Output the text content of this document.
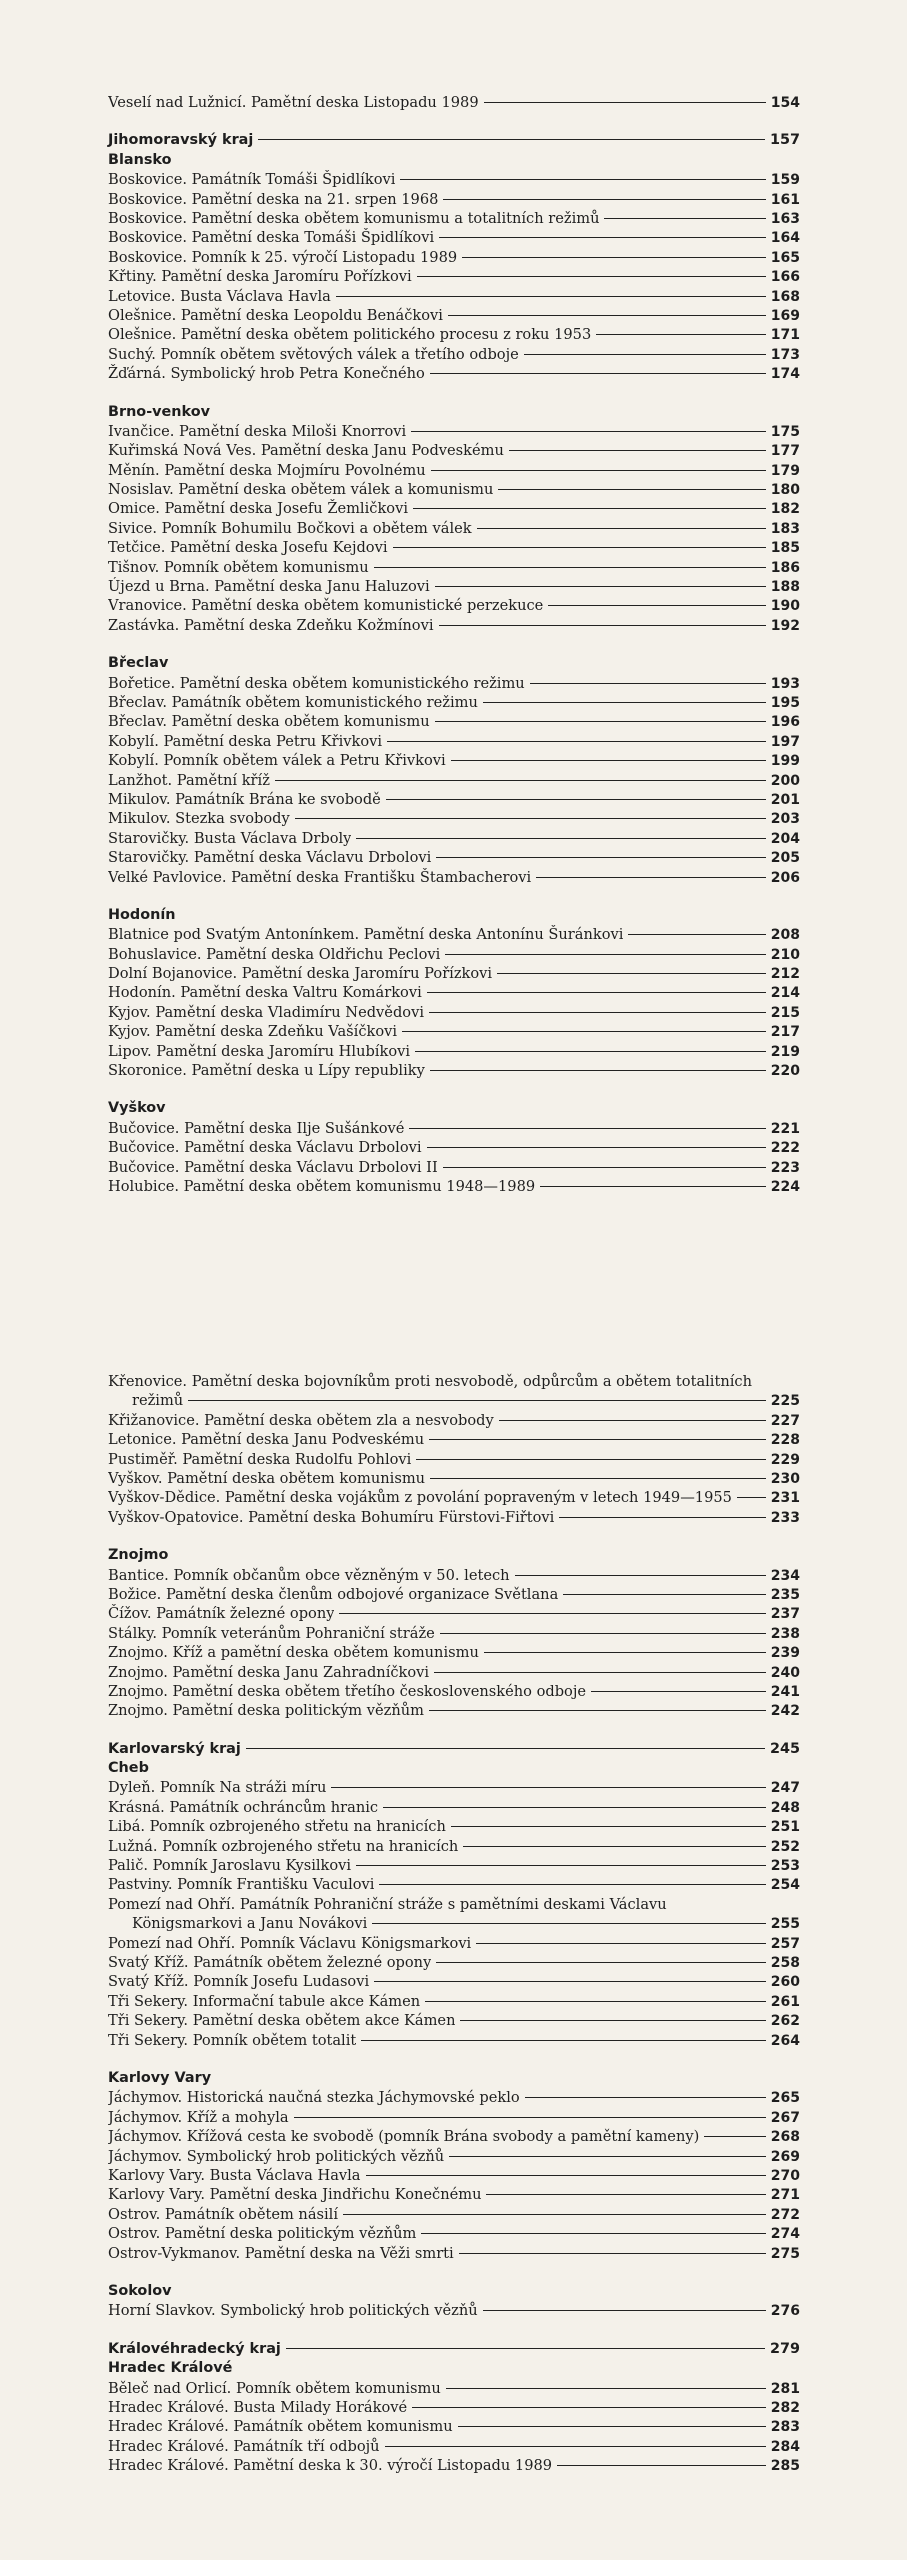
Veselí nad Lužnicí. Pamětní deska Listopadu 1989	154
Jihomoravský kraj	157
Blansko
Boskovice. Památník Tomáši Špidlíkovi	159
Boskovice. Pamětní deska na 21. srpen 1968	161
Boskovice. Pamětní deska obětem komunismu a totalitních režimů	163
Boskovice. Pamětní deska Tomáši Špidlíkovi	164
Boskovice. Pomník k 25. výročí Listopadu 1989	165
Křtiny. Pamětní deska Jaromíru Pořízkovi	166
Letovice. Busta Václava Havla	168
Olešnice. Pamětní deska Leopoldu Benáčkovi	169
Olešnice. Pamětní deska obětem politického procesu z roku 1953	171
Suchý. Pomník obětem světových válek a třetího odboje	173
Žďárná. Symbolický hrob Petra Konečného	174
Brno-venkov
Ivančice. Pamětní deska Miloši Knorrovi	175
Kuřimská Nová Ves. Pamětní deska Janu Podveskému	177
Měnín. Pamětní deska Mojmíru Povolnému	179
Nosislav. Pamětní deska obětem válek a komunismu	180
Omice. Pamětní deska Josefu Žemličkovi	182
Sivice. Pomník Bohumilu Bočkovi a obětem válek	183
Tetčice. Pamětní deska Josefu Kejdovi	185
Tišnov. Pomník obětem komunismu	186
Újezd u Brna. Pamětní deska Janu Haluzovi	188
Vranovice. Pamětní deska obětem komunistické perzekuce	190
Zastávka. Pamětní deska Zdeňku Kožmínovi	192
Břeclav
Bořetice. Pamětní deska obětem komunistického režimu	193
Břeclav. Památník obětem komunistického režimu	195
Břeclav. Pamětní deska obětem komunismu	196
Kobylí. Pamětní deska Petru Křivkovi	197
Kobylí. Pomník obětem válek a Petru Křivkovi	199
Lanžhot. Pamětní kříž	200
Mikulov. Památník Brána ke svobodě	201
Mikulov. Stezka svobody	203
Starovičky. Busta Václava Drboly	204
Starovičky. Pamětní deska Václavu Drbolovi	205
Velké Pavlovice. Pamětní deska Františku Štambacherovi	206
Hodonín
Blatnice pod Svatým Antonínkem. Pamětní deska Antonínu Šuránkovi	208
Bohuslavice. Pamětní deska Oldřichu Peclovi	210
Dolní Bojanovice. Pamětní deska Jaromíru Pořízkovi	212
Hodonín. Pamětní deska Valtru Komárkovi	214
Kyjov. Pamětní deska Vladimíru Nedvědovi	215
Kyjov. Pamětní deska Zdeňku Vašíčkovi	217
Lipov. Pamětní deska Jaromíru Hlubíkovi	219
Skoronice. Pamětní deska u Lípy republiky	220
Vyškov
Bučovice. Pamětní deska Ilje Sušánkové	221
Bučovice. Pamětní deska Václavu Drbolovi	222
Bučovice. Pamětní deska Václavu Drbolovi II	223
Holubice. Pamětní deska obětem komunismu 1948—1989	224
Křenovice. Pamětní deska bojovníkům proti nesvobodě, odpůrcům a obětem totalitních
režimů	225
Křižanovice. Pamětní deska obětem zla a nesvobody	227
Letonice. Pamětní deska Janu Podveskému	228
Pustiměř. Pamětní deska Rudolfu Pohlovi	229
Vyškov. Pamětní deska obětem komunismu	230
Vyškov-Dědice. Pamětní deska vojákům z povolání popraveným v letech 1949—1955	231
Vyškov-Opatovice. Pamětní deska Bohumíru Fürstovi-Fiřtovi	233
Znojmo
Bantice. Pomník občanům obce vězněným v 50. letech	234
Božice. Pamětní deska členům odbojové organizace Světlana	235
Čížov. Památník železné opony	237
Stálky. Pomník veteránům Pohraniční stráže	238
Znojmo. Kříž a pamětní deska obětem komunismu	239
Znojmo. Pamětní deska Janu Zahradníčkovi	240
Znojmo. Pamětní deska obětem třetího československého odboje	241
Znojmo. Pamětní deska politickým vězňům	242
Karlovarský kraj	245
Cheb
Dyleň. Pomník Na stráži míru	247
Krásná. Památník ochráncům hranic	248
Libá. Pomník ozbrojeného střetu na hranicích	251
Lužná. Pomník ozbrojeného střetu na hranicích	252
Palič. Pomník Jaroslavu Kysilkovi	253
Pastviny. Pomník Františku Vaculovi	254
Pomezí nad Ohří. Památník Pohraniční stráže s pamětními deskami Václavu
Königsmarkovi a Janu Novákovi	255
Pomezí nad Ohří. Pomník Václavu Königsmarkovi	257
Svatý Kříž. Památník obětem železné opony	258
Svatý Kříž. Pomník Josefu Ludasovi	260
Tři Sekery. Informační tabule akce Kámen	261
Tři Sekery. Pamětní deska obětem akce Kámen	262
Tři Sekery. Pomník obětem totalit	264
Karlovy Vary
Jáchymov. Historická naučná stezka Jáchymovské peklo	265
Jáchymov. Kříž a mohyla	267
Jáchymov. Křížová cesta ke svobodě (pomník Brána svobody a pamětní kameny)	268
Jáchymov. Symbolický hrob politických vězňů	269
Karlovy Vary. Busta Václava Havla	270
Karlovy Vary. Pamětní deska Jindřichu Konečnému	271
Ostrov. Památník obětem násilí	272
Ostrov. Pamětní deska politickým vězňům	274
Ostrov-Vykmanov. Pamětní deska na Věži smrti	275
Sokolov
Horní Slavkov. Symbolický hrob politických vězňů	276
Královéhradecký kraj	279
Hradec Králové
Běleč nad Orlicí. Pomník obětem komunismu	281
Hradec Králové. Busta Milady Horákové	282
Hradec Králové. Památník obětem komunismu	283
Hradec Králové. Památník tří odbojů	284
Hradec Králové. Pamětní deska k 30. výročí Listopadu 1989	285
